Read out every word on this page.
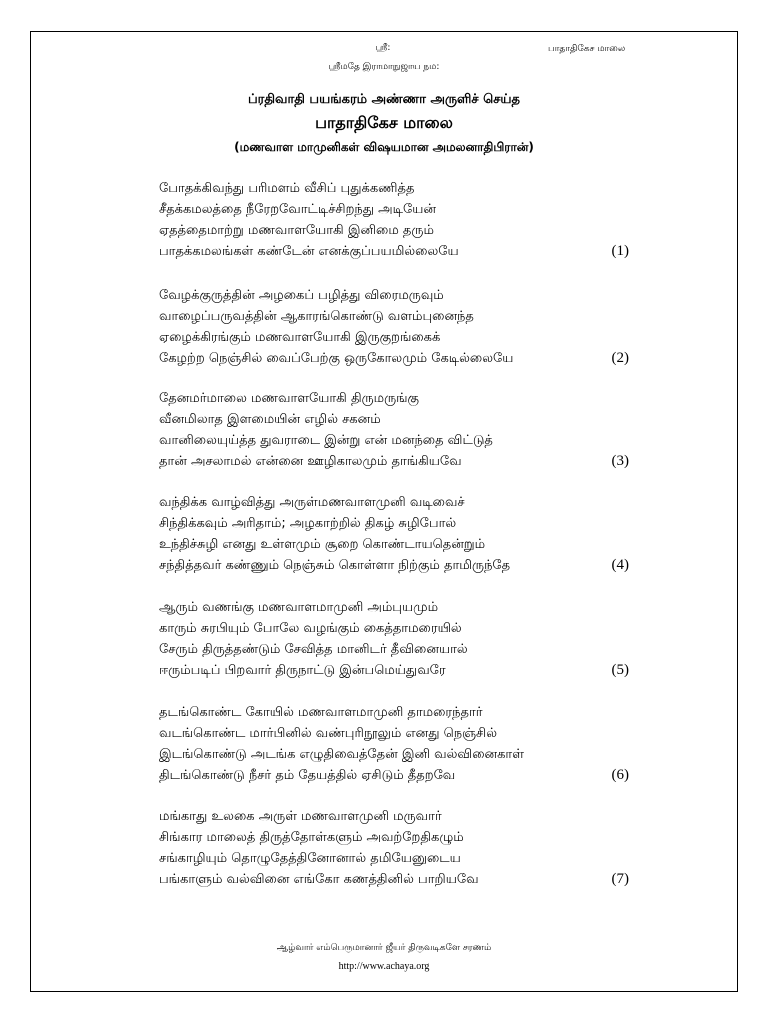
ஸ்ரீ:
ஸ்ரீமதே இராமாநுஜாய நம:
பாதாதிகேச மாலை
ப்ரதிவாதி பயங்கரம் அண்ணா அருளிச் செய்த
பாதாதிகேச மாலை
(மணவாள மாமுனிகள் விஷயமான அமலனாதிபிரான்)
போதக்கிவந்து பரிமளம் வீசிப் புதுக்கணித்த
சீதக்கமலத்தை நீரேறவோட்டிச்சிறந்து அடியேன்
ஏதத்தைமாற்று மணவாளயோகி இனிமை தரும்
பாதக்கமலங்கள் கண்டேன் எனக்குப்பயமில்லையே	(1)
வேழக்குருத்தின் அழகைப் பழித்து விரைமருவும்
வாழைப்பருவத்தின் ஆகாரங்கொண்டு வளம்புனைந்த
ஏழைக்கிரங்கும் மணவாளயோகி இருகுறங்கைக்
கேழற்ற நெஞ்சில் வைப்பேற்கு ஒருகோலமும் கேடில்லையே	(2)
தேனமர்மாலை மணவாளயோகி திருமருங்கு
வீனமிலாத இளமையின் எழில் சகனம்
வானிலையுய்த்த துவராடை இன்று என் மனந்தை விட்டுத்
தான் அசலாமல் என்னை ஊழிகாலமும் தாங்கியவே	(3)
வந்திக்க வாழ்வித்து அருள்மணவாளமுனி வடிவைச்
சிந்திக்கவும் அரிதாம்; அழகாற்றில் திகழ் சுழிபோல்
உந்திச்சுழி எனது உள்ளமும் சூறை கொண்டாயதென்றும்
சந்தித்தவர் கண்ணும் நெஞ்சும் கொள்ளா நிற்கும் தாமிருந்தே	(4)
ஆரும் வணங்கு மணவாளமாமுனி அம்புயமும்
காரும் சுரபியும் போலே வழங்கும் கைத்தாமரையில்
சேரும் திருத்தண்டும் சேவித்த மானிடர் தீவினையால்
ஈரும்படிப் பிறவார் திருநாட்டு இன்பமெய்துவரே	(5)
தடங்கொண்ட கோயில் மணவாளமாமுனி தாமரைந்தார்
வடங்கொண்ட மார்பினில் வண்புரிநூலும் எனது நெஞ்சில்
இடங்கொண்டு அடங்க எழுதிவைத்தேன் இனி வல்வினைகாள்
திடங்கொண்டு நீசர் தம் தேயத்தில் ஏசிடும் தீதறவே	(6)
மங்காது உலகை அருள் மணவாளமுனி மருவார்
சிங்கார மாலைத் திருத்தோள்களும் அவற்றேதிகழும்
சங்காழியும் தொழுதேத்தினோனால் தமியேனுடைய
பங்காளும் வல்வினை எங்கோ கணத்தினில் பாறியவே	(7)
ஆழ்வார் எம்பெருமானார் ஜீயர் திருவடிகளே சரணம்
http://www.achaya.org
